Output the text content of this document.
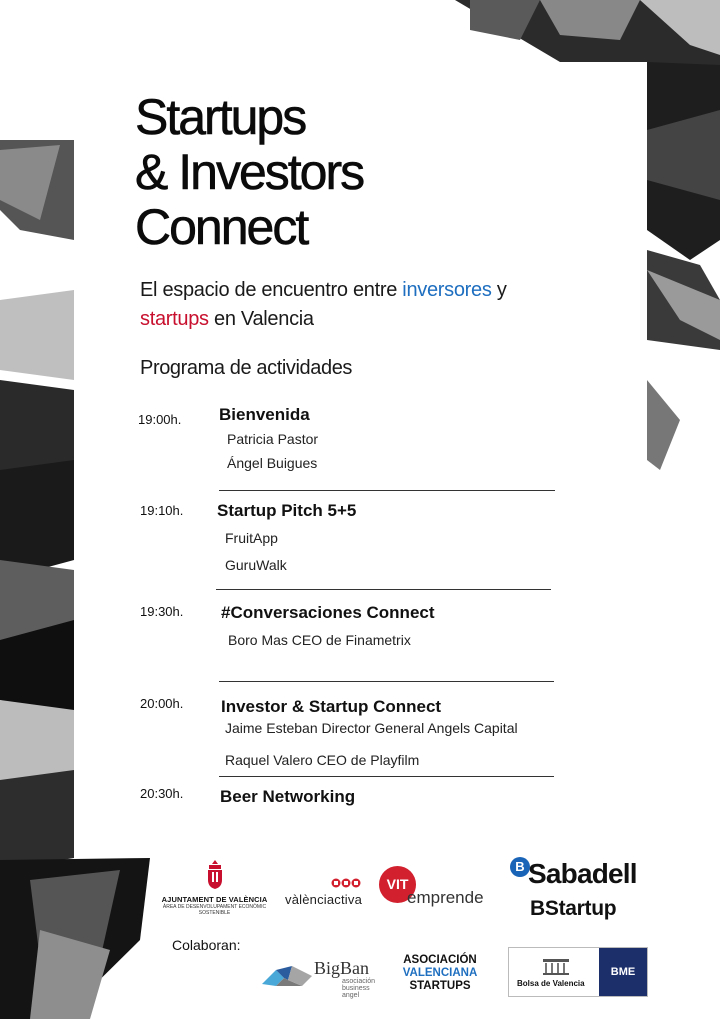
Startups
& Investors
Connect
El espacio de encuentro entre inversores y
startups en Valencia
Programa de actividades
19:00h. Bienvenida
Patricia Pastor
Ángel Buigues
19:10h. Startup Pitch 5+5
FruitApp
GuruWalk
19:30h. #Conversaciones Connect
Boro Mas CEO de Finametrix
20:00h. Investor & Startup Connect
Jaime Esteban Director General Angels Capital
Raquel Valero CEO de Playfilm
20:30h. Beer Networking
AJUNTAMENT DE VALÈNCIA
ÀREA DE DESENVOLUPAMENT ECONÒMIC SOSTENIBLE
vàlènciactiva
VIT
emprende
B Sabadell
BStartup
Colaboran:
BigBan
asociación business angel
ASOCIACIÓN
VALENCIANA
STARTUPS	Bolsa de Valencia
BME
